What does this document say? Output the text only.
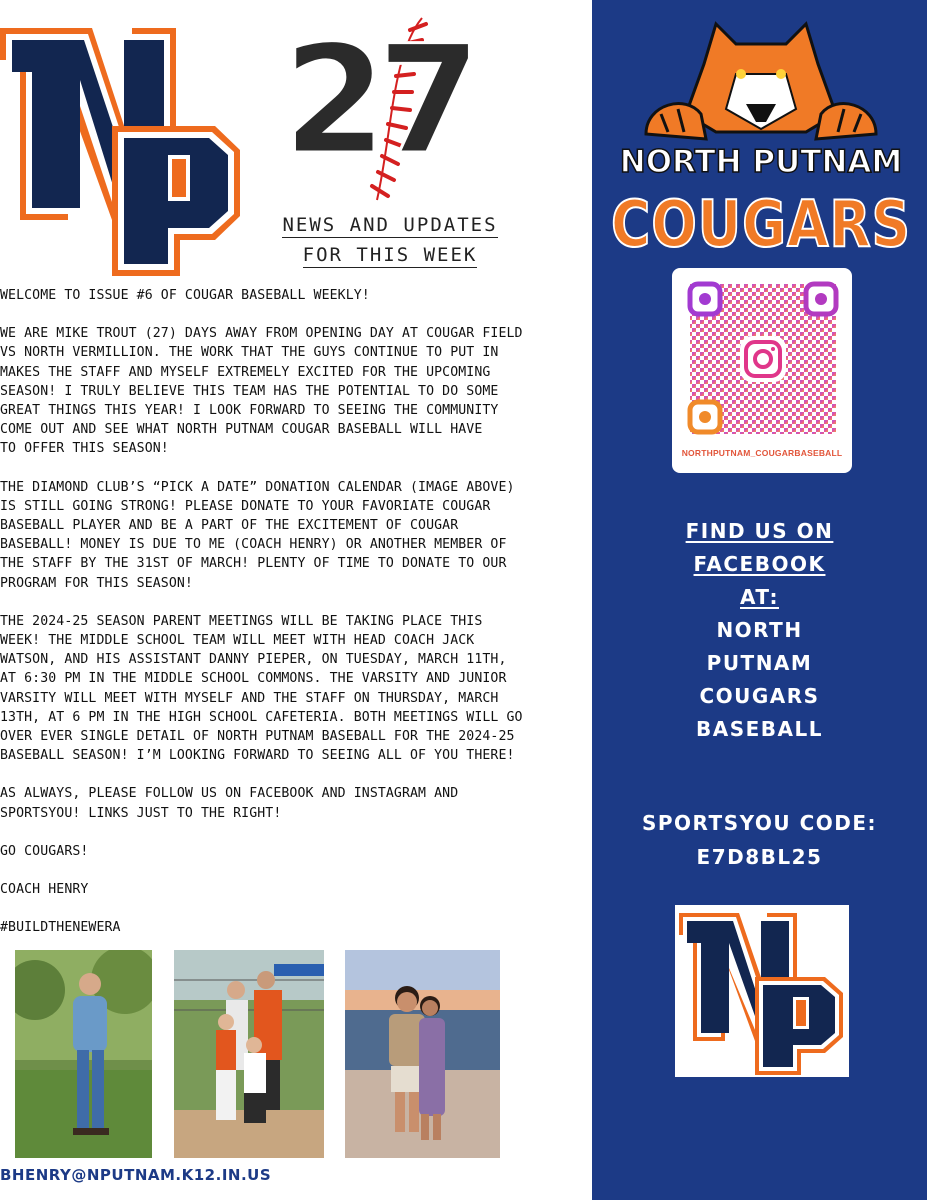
27
NEWS AND UPDATES
FOR THIS WEEK

WELCOME TO ISSUE #6 OF COUGAR BASEBALL WEEKLY!

WE ARE MIKE TROUT (27) DAYS AWAY FROM OPENING DAY AT COUGAR FIELD
VS NORTH VERMILLION. THE WORK THAT THE GUYS CONTINUE TO PUT IN
MAKES THE STAFF AND MYSELF EXTREMELY EXCITED FOR THE UPCOMING
SEASON! I TRULY BELIEVE THIS TEAM HAS THE POTENTIAL TO DO SOME
GREAT THINGS THIS YEAR! I LOOK FORWARD TO SEEING THE COMMUNITY
COME OUT AND SEE WHAT NORTH PUTNAM COUGAR BASEBALL WILL HAVE
TO OFFER THIS SEASON!

THE DIAMOND CLUB’S “PICK A DATE” DONATION CALENDAR (IMAGE ABOVE)
IS STILL GOING STRONG! PLEASE DONATE TO YOUR FAVORIATE COUGAR
BASEBALL PLAYER AND BE A PART OF THE EXCITEMENT OF COUGAR
BASEBALL! MONEY IS DUE TO ME (COACH HENRY) OR ANOTHER MEMBER OF
THE STAFF BY THE 31ST OF MARCH! PLENTY OF TIME TO DONATE TO OUR
PROGRAM FOR THIS SEASON!

THE 2024-25 SEASON PARENT MEETINGS WILL BE TAKING PLACE THIS
WEEK! THE MIDDLE SCHOOL TEAM WILL MEET WITH HEAD COACH JACK
WATSON, AND HIS ASSISTANT DANNY PIEPER, ON TUESDAY, MARCH 11TH,
AT 6:30 PM IN THE MIDDLE SCHOOL COMMONS. THE VARSITY AND JUNIOR
VARSITY WILL MEET WITH MYSELF AND THE STAFF ON THURSDAY, MARCH
13TH, AT 6 PM IN THE HIGH SCHOOL CAFETERIA. BOTH MEETINGS WILL GO
OVER EVER SINGLE DETAIL OF NORTH PUTNAM BASEBALL FOR THE 2024-25
BASEBALL SEASON! I’M LOOKING FORWARD TO SEEING ALL OF YOU THERE!

AS ALWAYS, PLEASE FOLLOW US ON FACEBOOK AND INSTAGRAM AND
SPORTSYOU! LINKS JUST TO THE RIGHT!

GO COUGARS!

COACH HENRY

#BUILDTHENEWERA

BHENRY@NPUTNAM.K12.IN.US
NORTH PUTNAM
COUGARS
NORTHPUTNAM_COUGARBASEBALL
FIND US ON
FACEBOOK
AT:
NORTH
PUTNAM
COUGARS
BASEBALL
SPORTSYOU CODE:
E7D8BL25
